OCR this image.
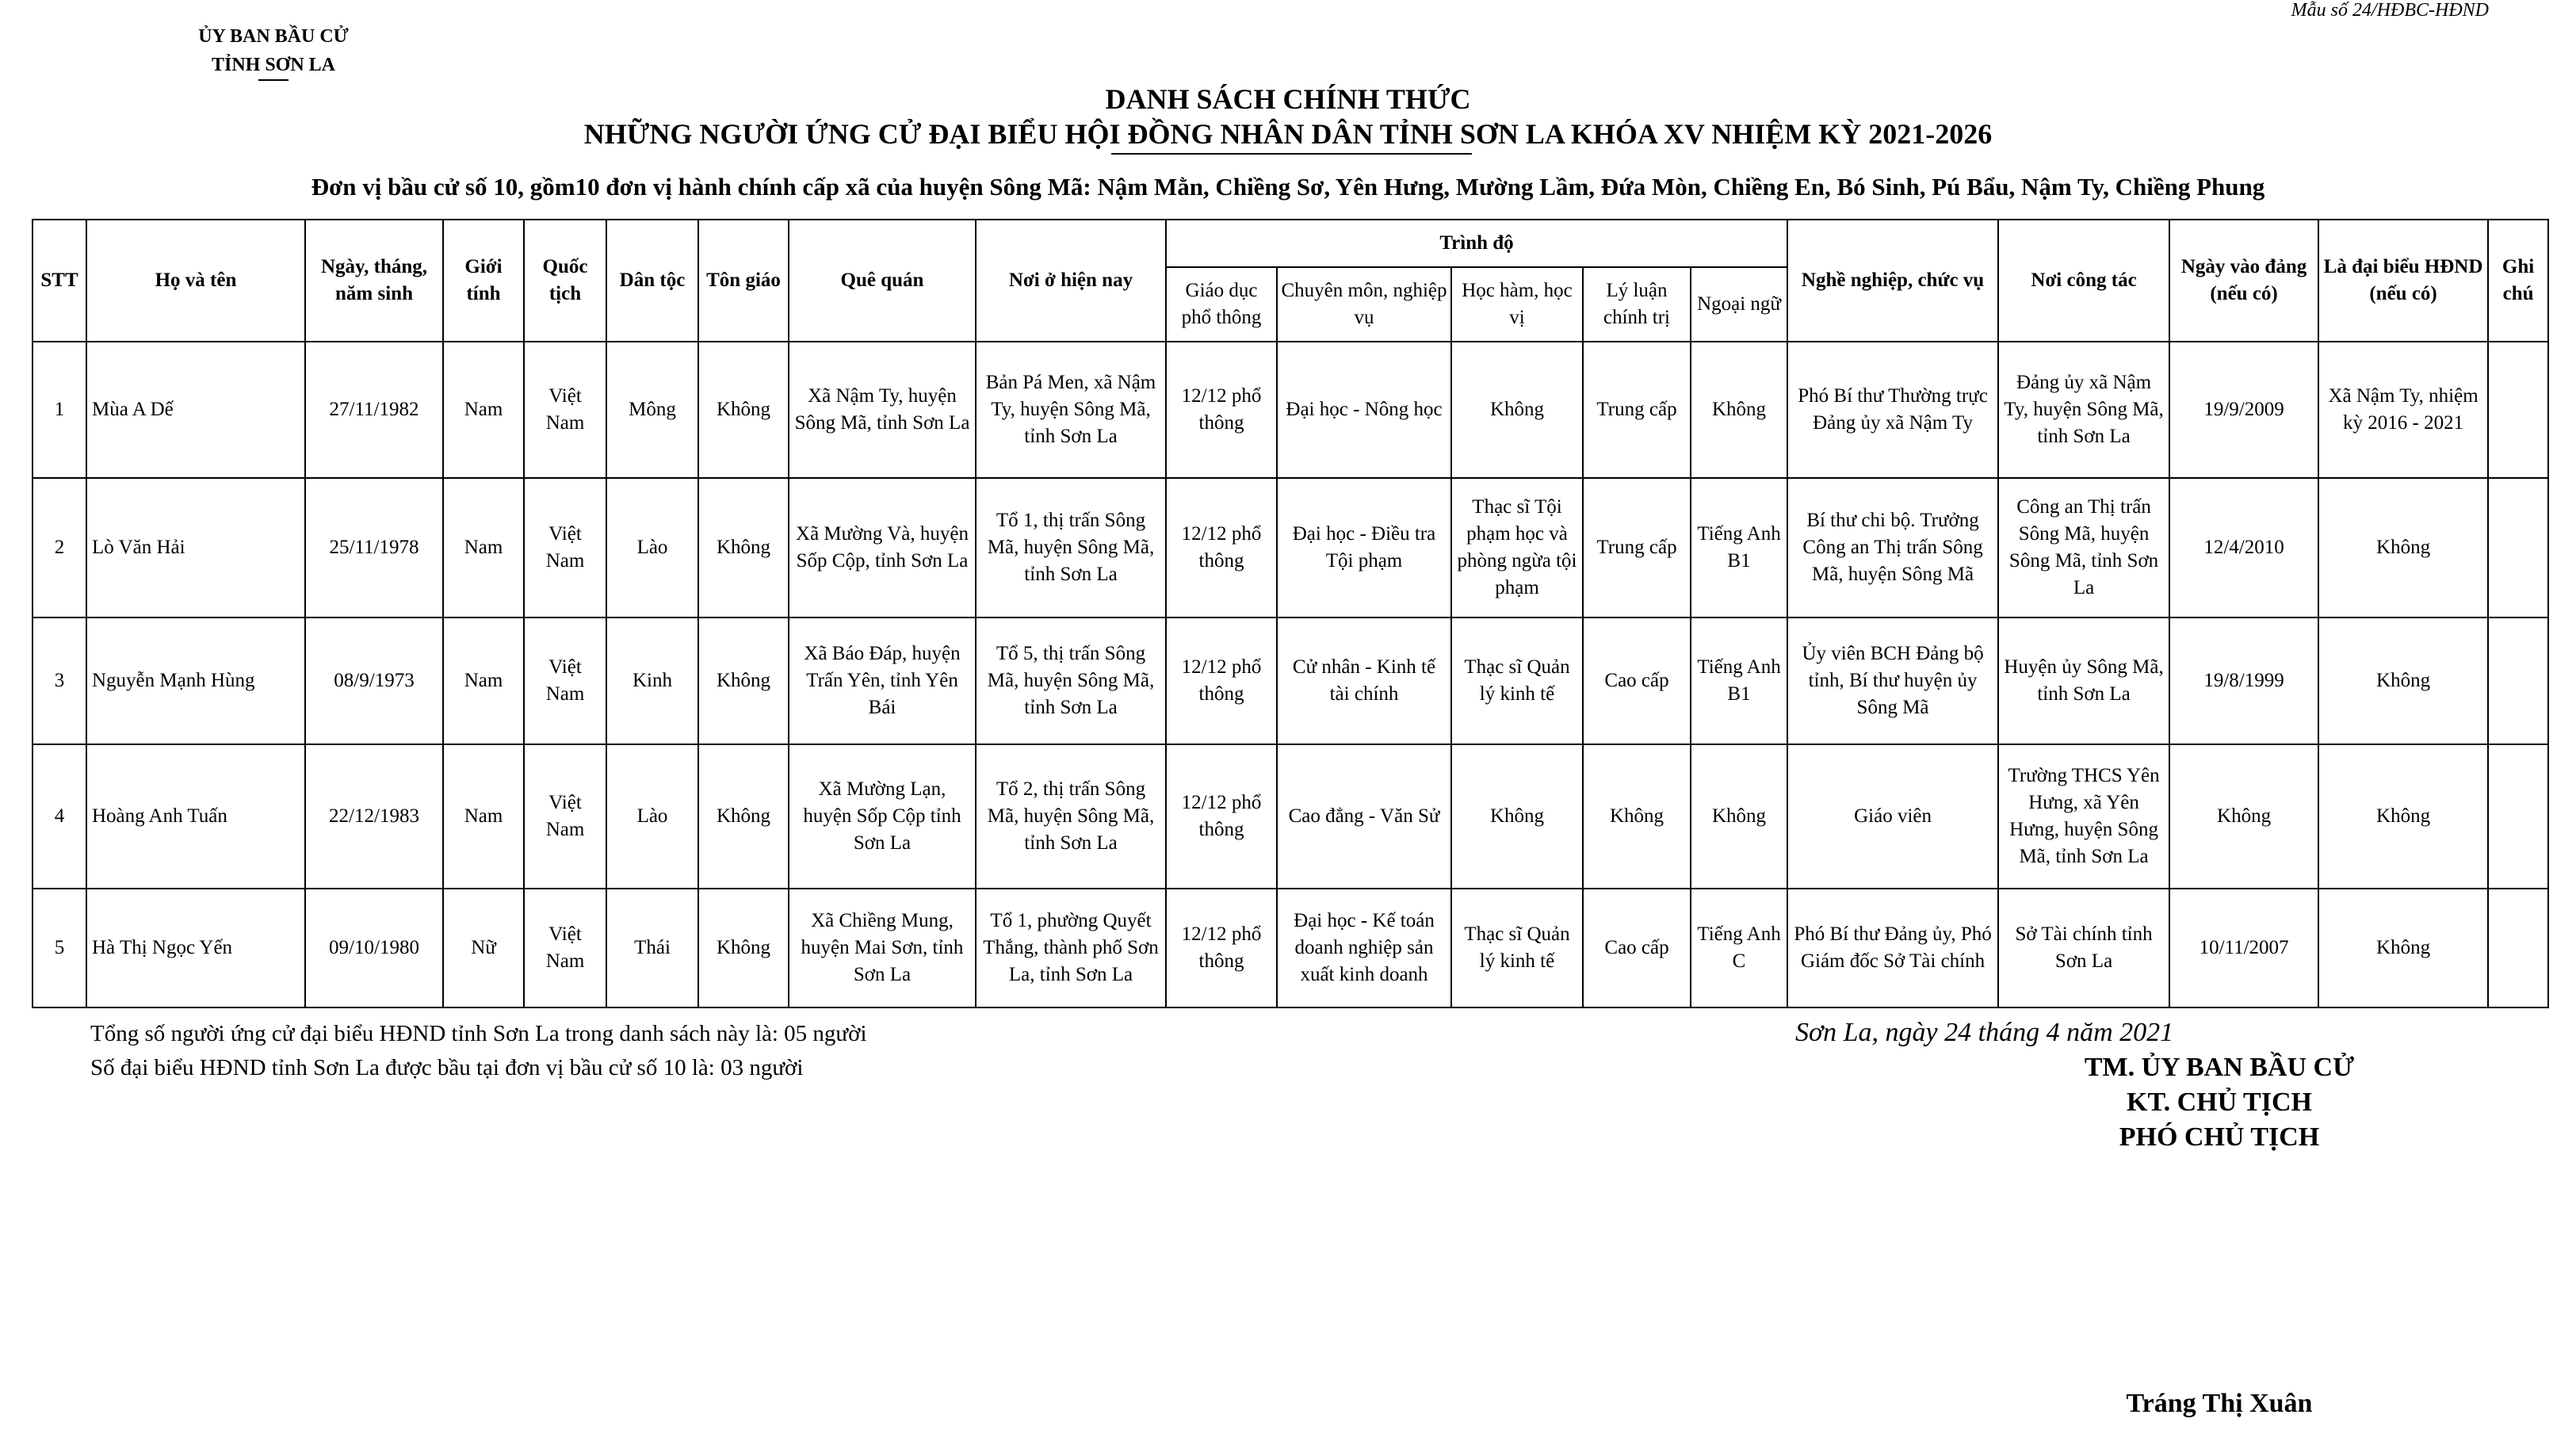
ỦY BAN BẦU CỬ
TỈNH SƠN LA
Mẫu số 24/HĐBC-HĐND
DANH SÁCH CHÍNH THỨC
NHỮNG NGƯỜI ỨNG CỬ ĐẠI BIỂU HỘI ĐỒNG NHÂN DÂN TỈNH SƠN LA KHÓA XV NHIỆM KỲ 2021-2026
Đơn vị bầu cử số 10, gồm10 đơn vị hành chính cấp xã của huyện Sông Mã: Nậm Mằn, Chiềng Sơ, Yên Hưng, Mường Lầm, Đứa Mòn, Chiềng En, Bó Sinh, Pú Bẩu, Nậm Ty, Chiềng Phung
STT	Họ và tên	Ngày, tháng, năm sinh	Giới tính	Quốc tịch	Dân tộc	Tôn giáo	Quê quán	Nơi ở hiện nay	Trình độ					Nghề nghiệp, chức vụ	Nơi công tác	Ngày vào đảng (nếu có)	Là đại biểu HĐND (nếu có)	Ghi chú
									Giáo dục phổ thông	Chuyên môn, nghiệp vụ	Học hàm, học vị	Lý luận chính trị	Ngoại ngữ					
1	Mùa A Dế	27/11/1982	Nam	Việt Nam	Mông	Không	Xã Nậm Ty, huyện Sông Mã, tỉnh Sơn La	Bản Pá Men, xã Nậm Ty, huyện Sông Mã, tỉnh Sơn La	12/12 phổ thông	Đại học - Nông học	Không	Trung cấp	Không	Phó Bí thư Thường trực Đảng ủy xã Nậm Ty	Đảng ủy xã Nậm Ty, huyện Sông Mã, tỉnh Sơn La	19/9/2009	Xã Nậm Ty, nhiệm kỳ 2016 - 2021	
2	Lò Văn Hải	25/11/1978	Nam	Việt Nam	Lào	Không	Xã Mường Và, huyện Sốp Cộp, tỉnh Sơn La	Tổ 1, thị trấn Sông Mã, huyện Sông Mã, tỉnh Sơn La	12/12 phổ thông	Đại học - Điều tra Tội phạm	Thạc sĩ Tội phạm học và phòng ngừa tội phạm	Trung cấp	Tiếng Anh B1	Bí thư chi bộ. Trưởng Công an Thị trấn Sông Mã, huyện Sông Mã	Công an Thị trấn Sông Mã, huyện Sông Mã, tỉnh Sơn La	12/4/2010	Không	
3	Nguyễn Mạnh Hùng	08/9/1973	Nam	Việt Nam	Kinh	Không	Xã Báo Đáp, huyện Trấn Yên, tỉnh Yên Bái	Tổ 5, thị trấn Sông Mã, huyện Sông Mã, tỉnh Sơn La	12/12 phổ thông	Cử nhân - Kinh tế tài chính	Thạc sĩ Quản lý kinh tế	Cao cấp	Tiếng Anh B1	Ủy viên BCH Đảng bộ tỉnh, Bí thư huyện ủy Sông Mã	Huyện ủy Sông Mã, tỉnh Sơn La	19/8/1999	Không	
4	Hoàng Anh Tuấn	22/12/1983	Nam	Việt Nam	Lào	Không	Xã Mường Lạn, huyện Sốp Cộp tỉnh Sơn La	Tổ 2, thị trấn Sông Mã, huyện Sông Mã, tỉnh Sơn La	12/12 phổ thông	Cao đẳng - Văn Sử	Không	Không	Không	Giáo viên	Trường THCS Yên Hưng, xã Yên Hưng, huyện Sông Mã, tỉnh Sơn La	Không	Không	
5	Hà Thị Ngọc Yến	09/10/1980	Nữ	Việt Nam	Thái	Không	Xã Chiềng Mung, huyện Mai Sơn, tỉnh Sơn La	Tổ 1, phường Quyết Thắng, thành phố Sơn La, tỉnh Sơn La	12/12 phổ thông	Đại học - Kế toán doanh nghiệp sản xuất kinh doanh	Thạc sĩ Quản lý kinh tế	Cao cấp	Tiếng Anh C	Phó Bí thư Đảng ủy, Phó Giám đốc Sở Tài chính	Sở Tài chính tỉnh Sơn La	10/11/2007	Không	
Tổng số người ứng cử đại biểu HĐND tỉnh Sơn La trong danh sách này là: 05 người
Số đại biểu HĐND tỉnh Sơn La được bầu tại đơn vị bầu cử số 10 là: 03 người
Sơn La, ngày 24 tháng 4 năm 2021
TM. ỦY BAN BẦU CỬ
KT. CHỦ TỊCH
PHÓ CHỦ TỊCH
Tráng Thị Xuân
